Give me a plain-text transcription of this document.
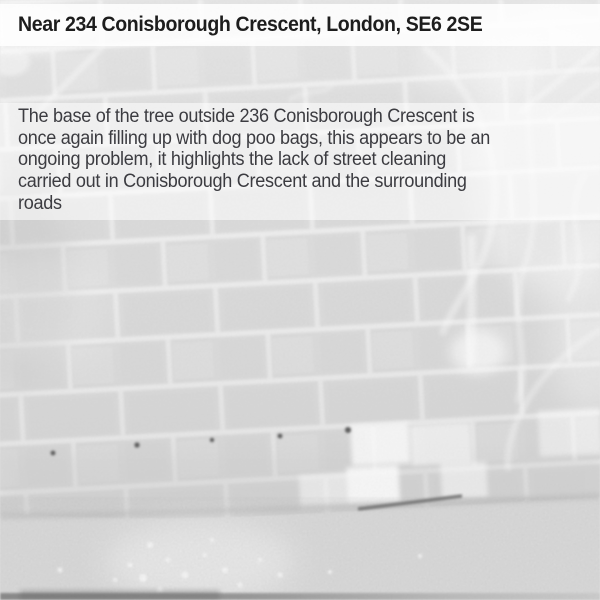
Near 234 Conisborough Crescent, London, SE6 2SE
The base of the tree outside 236 Conisborough Crescent is
once again filling up with dog poo bags, this appears to be an
ongoing problem, it highlights the lack of street cleaning
carried out in Conisborough Crescent and the surrounding
roads
